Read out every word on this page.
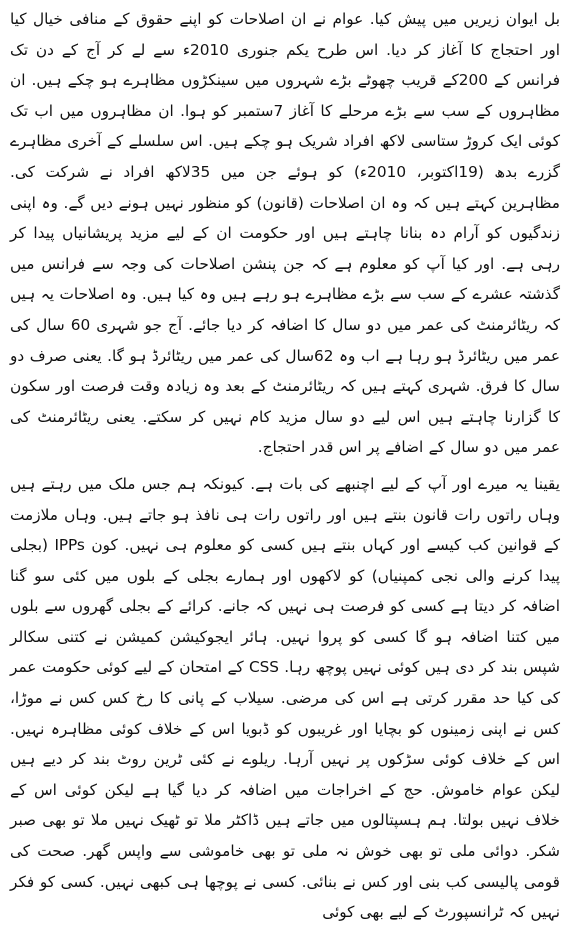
بل ایوان زیریں میں پیش کیا. عوام نے ان اصلاحات کو اپنے حقوق کے منافی خیال کیا اور احتجاج کا آغاز کر دیا. اس طرح یکم جنوری 2010ء سے لے کر آج کے دن تک فرانس کے 200کے قریب چھوٹے بڑے شہروں میں سینکڑوں مظاہرے ہو چکے ہیں. ان مظاہروں کے سب سے بڑے مرحلے کا آغاز 7ستمبر کو ہوا. ان مظاہروں میں اب تک کوئی ایک کروڑ ستاسی لاکھ افراد شریک ہو چکے ہیں. اس سلسلے کے آخری مظاہرے گزرے بدھ (19اکتوبر، 2010ء) کو ہوئے جن میں 35لاکھ افراد نے شرکت کی. مظاہرین کہتے ہیں کہ وہ ان اصلاحات (قانون) کو منظور نہیں ہونے دیں گے. وہ اپنی زندگیوں کو آرام دہ بنانا چاہتے ہیں اور حکومت ان کے لیے مزید پریشانیاں پیدا کر رہی ہے. اور کیا آپ کو معلوم ہے کہ جن پنشن اصلاحات کی وجہ سے فرانس میں گذشتہ عشرے کے سب سے بڑے مظاہرے ہو رہے ہیں وہ کیا ہیں. وہ اصلاحات یہ ہیں کہ ریٹائرمنٹ کی عمر میں دو سال کا اضافہ کر دیا جائے. آج جو شہری 60 سال کی عمر میں ریٹائرڈ ہو رہا ہے اب وہ 62سال کی عمر میں ریٹائرڈ ہو گا. یعنی صرف دو سال کا فرق. شہری کہتے ہیں کہ ریٹائرمنٹ کے بعد وہ زیادہ وقت فرصت اور سکون کا گزارنا چاہتے ہیں اس لیے دو سال مزید کام نہیں کر سکتے. یعنی ریٹائرمنٹ کی عمر میں دو سال کے اضافے پر اس قدر احتجاج.

یقینا یہ میرے اور آپ کے لیے اچنبھے کی بات ہے. کیونکہ ہم جس ملک میں رہتے ہیں وہاں راتوں رات قانون بنتے ہیں اور راتوں رات ہی نافذ ہو جاتے ہیں. وہاں ملازمت کے قوانین کب کیسے اور کہاں بنتے ہیں کسی کو معلوم ہی نہیں. کون IPPs (بجلی پیدا کرنے والی نجی کمپنیاں) کو لاکھوں اور ہمارے بجلی کے بلوں میں کئی سو گنا اضافہ کر دیتا ہے کسی کو فرصت ہی نہیں کہ جانے. کرائے کے بجلی گھروں سے بلوں میں کتنا اضافہ ہو گا کسی کو پروا نہیں. ہائر ایجوکیشن کمیشن نے کتنی سکالر شپس بند کر دی ہیں کوئی نہیں پوچھ رہا. CSS کے امتحان کے لیے کوئی حکومت عمر کی کیا حد مقرر کرتی ہے اس کی مرضی. سیلاب کے پانی کا رخ کس کس نے موڑا، کس نے اپنی زمینوں کو بچایا اور غریبوں کو ڈبویا اس کے خلاف کوئی مظاہرہ نہیں. اس کے خلاف کوئی سڑکوں پر نہیں آرہا. ریلوے نے کئی ٹرین روٹ بند کر دیے ہیں لیکن عوام خاموش. حج کے اخراجات میں اضافہ کر دیا گیا ہے لیکن کوئی اس کے خلاف نہیں بولتا. ہم ہسپتالوں میں جاتے ہیں ڈاکٹر ملا تو ٹھیک نہیں ملا تو بھی صبر شکر. دوائی ملی تو بھی خوش نہ ملی تو بھی خاموشی سے واپس گھر. صحت کی قومی پالیسی کب بنی اور کس نے بنائی. کسی نے پوچھا ہی کبھی نہیں. کسی کو فکر نہیں کہ ٹرانسپورٹ کے لیے بھی کوئی
